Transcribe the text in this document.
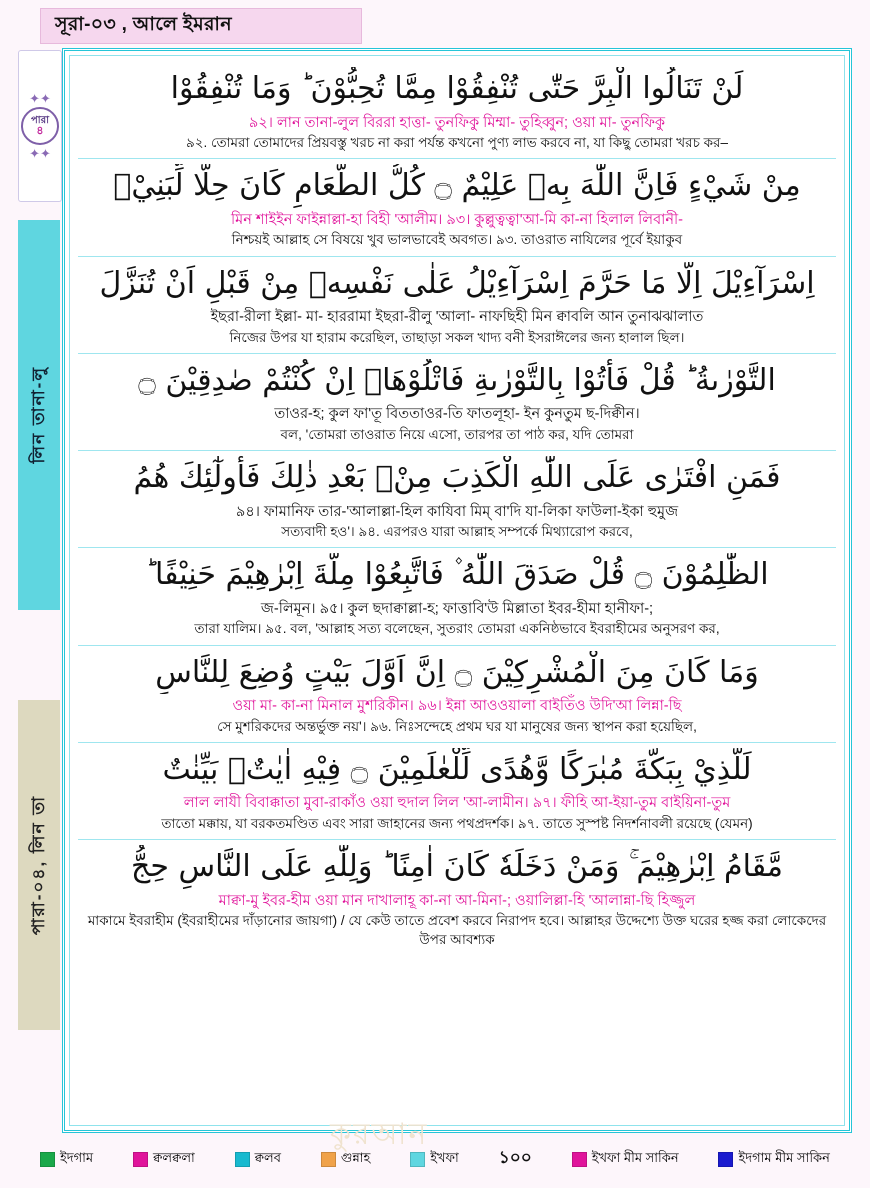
সূরা-০৩ , আলে ইমরান
✦✦
পারা
৪
✦✦
লিন তানা-লু
পারা-০৪, লিন তা
لَنْ تَنَالُوا الْبِرَّ حَتّٰى تُنْفِقُوْا مِمَّا تُحِبُّوْنَ ؕ وَمَا تُنْفِقُوْا
৯২। লান তানা-লুল বিররা হাত্তা- তুনফিকু মিম্মা- তুহিব্বুন; ওয়া মা- তুনফিকু
৯২. তোমরা তোমাদের প্রিয়বস্তু খরচ না করা পর্যন্ত কখনো পুণ্য লাভ করবে না, যা কিছু তোমরা খরচ কর–
مِنْ شَيْءٍ فَاِنَّ اللّٰهَ بِهٖ عَلِيْمٌ ۝ كُلُّ الطَّعَامِ كَانَ حِلًّا لِّبَنِيْۤ
মিন শাইইন ফাইন্নাল্লা-হা বিহী 'আলীম। ৯৩। কুল্লুত্বত্বা'আ-মি কা-না হিলাল লিবানী-
নিশ্চয়ই আল্লাহ সে বিষয়ে খুব ভালভাবেই অবগত। ৯৩. তাওরাত নাযিলের পূর্বে ইয়াকুব
اِسْرَآءِيْلَ اِلَّا مَا حَرَّمَ اِسْرَآءِيْلُ عَلٰى نَفْسِهٖ مِنْ قَبْلِ اَنْ تُنَزَّلَ
ইছরা-রীলা ইল্লা- মা- হাররামা ইছরা-রীলু 'আলা- নাফছিহী মিন ক্বাবলি আন তুনাঝঝালাত
নিজের উপর যা হারাম করেছিল, তাছাড়া সকল খাদ্য বনী ইসরাঈলের জন্য হালাল ছিল।
التَّوْرٰىةُ ؕ قُلْ فَأْتُوْا بِالتَّوْرٰىةِ فَاتْلُوْهَاۤ اِنْ كُنْتُمْ صٰدِقِيْنَ ۝
তাওর-হ; কুল ফা'তূ বিততাওর-তি ফাতলূহা- ইন কুনতুম ছ-দিক্বীন।
বল, 'তোমরা তাওরাত নিয়ে এসো, তারপর তা পাঠ কর, যদি তোমরা
فَمَنِ افْتَرٰى عَلَى اللّٰهِ الْكَذِبَ مِنْۢ بَعْدِ ذٰلِكَ فَأُولٰٓئِكَ هُمُ
৯৪। ফামানিফ তার-'আলাল্লা-হিল কাযিবা মিম্ বা'দি যা-লিকা ফাউলা-ইকা হুমুজ
সত্যবাদী হও'। ৯৪. এরপরও যারা আল্লাহ সম্পর্কে মিথ্যারোপ করবে,
الظّٰلِمُوْنَ ۝ قُلْ صَدَقَ اللّٰهُ ۫ فَاتَّبِعُوْا مِلَّةَ اِبْرٰهِيْمَ حَنِيْفًا ؕ
জ-লিমূন। ৯৫। কুল ছদাক্বাল্লা-হ; ফাত্তাবি'উ মিল্লাতা ইবর-হীমা হানীফা-;
তারা যালিম। ৯৫. বল, 'আল্লাহ সত্য বলেছেন, সুতরাং তোমরা একনিষ্ঠভাবে ইবরাহীমের অনুসরণ কর,
وَمَا كَانَ مِنَ الْمُشْرِكِيْنَ ۝ اِنَّ اَوَّلَ بَيْتٍ وُضِعَ لِلنَّاسِ
ওয়া মা- কা-না মিনাল মুশরিকীন। ৯৬। ইন্না আওওয়ালা বাইতিঁও উদি'আ লিন্না-ছি
সে মুশরিকদের অন্তর্ভুক্ত নয়'। ৯৬. নিঃসন্দেহে প্রথম ঘর যা মানুষের জন্য স্থাপন করা হয়েছিল,
لَلَّذِيْ بِبَكَّةَ مُبٰرَكًا وَّهُدًى لِّلْعٰلَمِيْنَ ۝ فِيْهِ اٰيٰتٌۢ بَيِّنٰتٌ
লাল লাযী বিবাক্কাতা মুবা-রাকাঁও ওয়া হুদাল লিল 'আ-লামীন। ৯৭। ফীহি আ-ইয়া-তুম বাইয়িনা-তুম
তাতো মক্কায়, যা বরকতমণ্ডিত এবং সারা জাহানের জন্য পথপ্রদর্শক। ৯৭. তাতে সুস্পষ্ট নিদর্শনাবলী রয়েছে (যেমন)
مَّقَامُ اِبْرٰهِيْمَ ۚ وَمَنْ دَخَلَهٗ كَانَ اٰمِنًا ؕ وَلِلّٰهِ عَلَى النَّاسِ حِجُّ
মাক্বা-মু ইবর-হীম ওয়া মান দাখালাহূ কা-না আ-মিনা-; ওয়ালিল্লা-হি 'আলান্না-ছি হিজ্জুল
মাকামে ইবরাহীম (ইবরাহীমের দাঁড়ানোর জায়গা) / যে কেউ তাতে প্রবেশ করবে নিরাপদ হবে। আল্লাহর উদ্দেশ্যে উক্ত ঘরের হজ্জ করা লোকেদের উপর আবশ্যক
কুরআন
ইদগাম	ক্বলক্বলা	ক্বলব	গুন্নাহ	ইখফা ১০০	ইখফা মীম সাকিন	ইদগাম মীম সাকিন
